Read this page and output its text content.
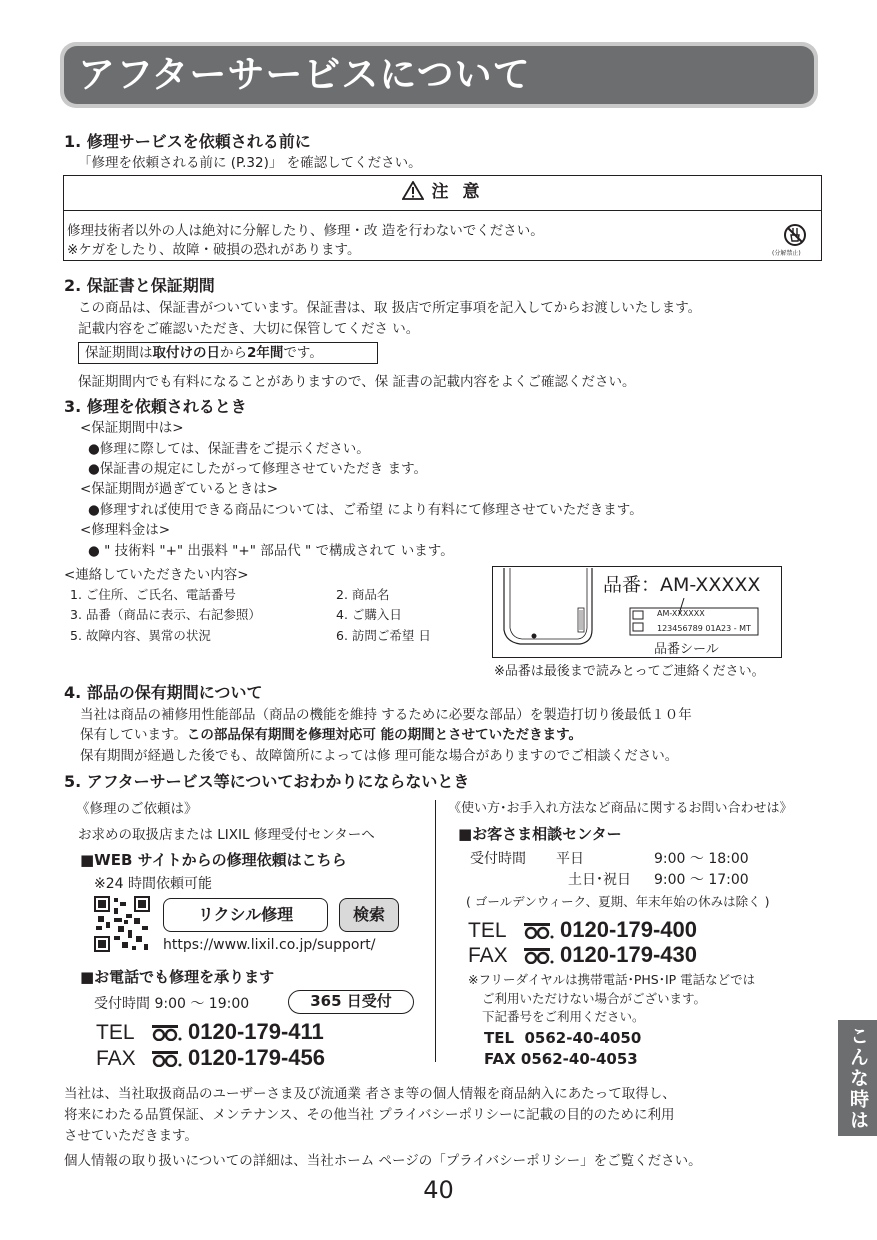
アフターサービスについて
1. 修理サービスを依頼される前に
「修理を依頼される前に (P.32)」 を確認してください。
注 意
修理技術者以外の人は絶対に分解したり、修理・改 造を行わないでください。
※ケガをしたり、故障・破損の恐れがあります。	(分解禁止)
2. 保証書と保証期間
この商品は、保証書がついています。保証書は、取 扱店で所定事項を記入してからお渡しいたします。
記載内容をご確認いただき、大切に保管してくださ い。
保証期間は取付けの日から2年間です。
保証期間内でも有料になることがありますので、保 証書の記載内容をよくご確認ください。
3. 修理を依頼されるとき
<保証期間中は>
●修理に際しては、保証書をご提示ください。
●保証書の規定にしたがって修理させていただき ます。
<保証期間が過ぎているときは>
●修理すれば使用できる商品については、ご希望 により有料にて修理させていただきます。
<修理料金は>
● " 技術料 "+" 出張料 "+" 部品代 " で構成されて います。
<連絡していただきたい内容>
1. ご住所、ご氏名、電話番号	2. 商品名
3. 品番（商品に表示、右記参照）	4. ご購入日
5. 故障内容、異常の状況	6. 訪問ご希望 日
品番：AM-XXXXX
AM-XXXXXX
123456789 01A23 - MT
品番シール
※品番は最後まで読みとってご連絡ください。
4. 部品の保有期間について
当社は商品の補修用性能部品（商品の機能を維持 するために必要な部品）を製造打切り後最低１０年
保有しています。この部品保有期間を修理対応可 能の期間とさせていただきます。
保有期間が経過した後でも、故障箇所によっては修 理可能な場合がありますのでご相談ください。
5. アフターサービス等についておわかりにならないとき
《修理のご依頼は》
お求めの取扱店または LIXIL 修理受付センターへ
■WEB サイトからの修理依頼はこちら
※24 時間依頼可能
リクシル修理	検索
https://www.lixil.co.jp/support/
■お電話でも修理を承ります
受付時間 9:00 ～ 19:00	365 日受付
TEL 0120-179-411
FAX 0120-179-456
《使い方･お手入れ方法など商品に関するお問い合わせは》
■お客さま相談センター
受付時間 平日	9:00 ～ 18:00
土日･祝日 9:00 ～ 17:00
( ゴールデンウィーク、夏期、年末年始の休みは除く )
TEL 0120-179-400
FAX 0120-179-430
※フリーダイヤルは携帯電話･PHS･IP 電話などでは
ご利用いただけない場合がございます。
下記番号をご利用ください。
TEL  0562-40-4050
FAX 0562-40-4053
当社は、当社取扱商品のユーザーさま及び流通業 者さま等の個人情報を商品納入にあたって取得し、
将来にわたる品質保証、メンテナンス、その他当社 プライバシーポリシーに記載の目的のために利用
させていただきます。
個人情報の取り扱いについての詳細は、当社ホーム ページの「プライバシーポリシー」をご覧ください。
40
こんな時は
